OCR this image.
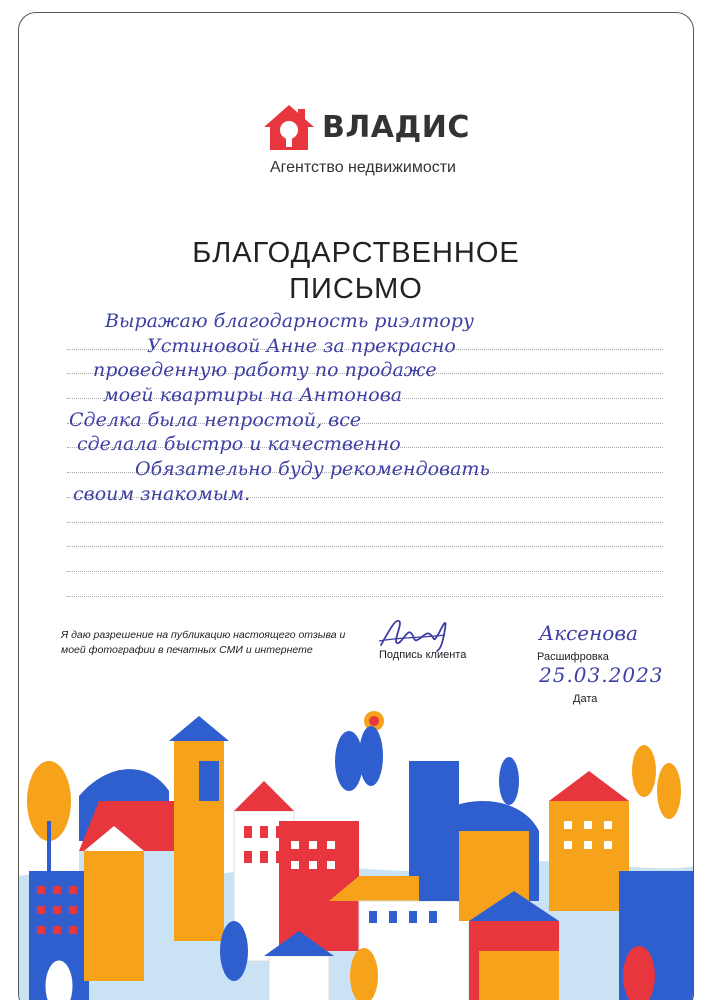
ВЛАДИС
Агентство недвижимости
БЛАГОДАРСТВЕННОЕ
ПИСЬМО
Выражаю благодарность риэлтору
Устиновой Анне за прекрасно
проведенную работу по продаже
моей квартиры на Антонова
Сделка была непростой, все
сделала быстро и качественно
Обязательно буду рекомендовать
своим знакомым.
Я даю разрешение на публикацию настоящего отзыва и моей фотографии в печатных СМИ и интернете	Подпись клиента
Аксенова
Расшифровка
25.03.2023
Дата
